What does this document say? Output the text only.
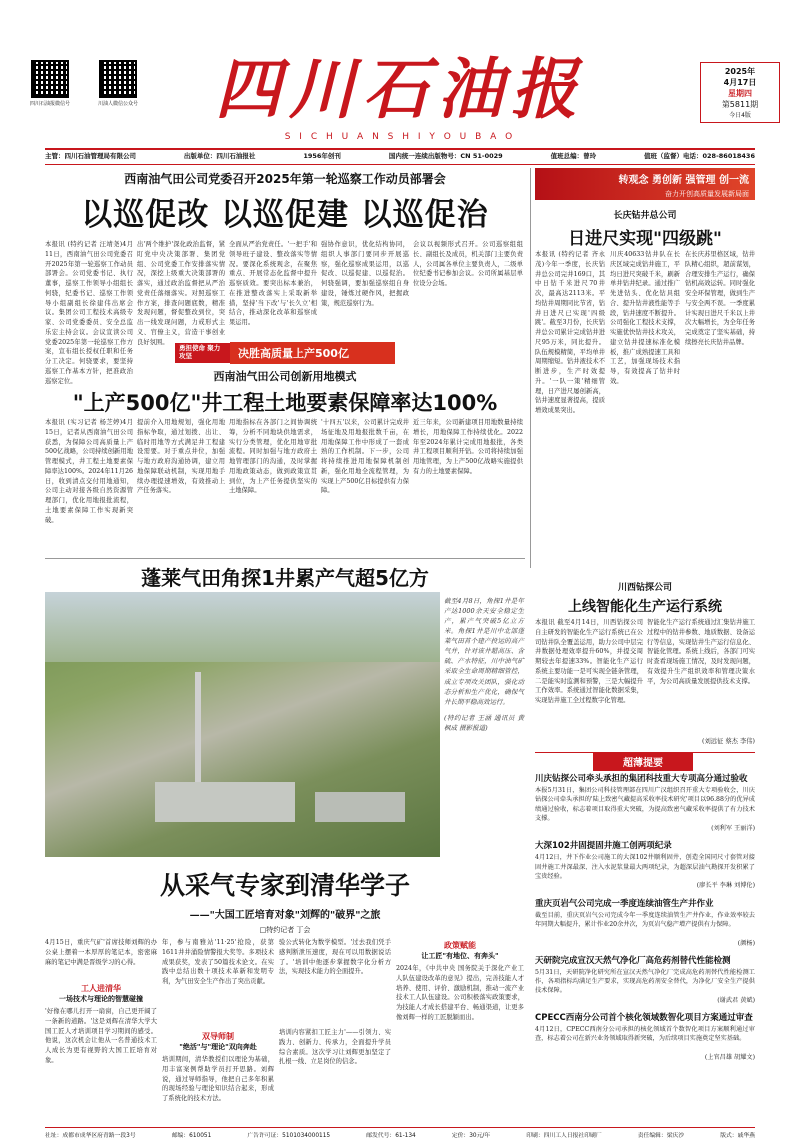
四川石油报微信号	川油人微信公众号 四川石油报
S I C H U A N S H I Y O U B A O
2025年
4月17日
星期四
第5811期
今日4版
主管：四川石油管理局有限公司	出版单位：四川石油报社	1956年创刊	国内统一连续出版物号：CN 51-0029	值班总编：曾玲	值班（监督）电话：028-86018436
西南油气田公司党委召开2025年第一轮巡察工作动员部署会
以巡促改 以巡促建 以巡促治
本报讯 (特约记者 汪靖尧)4月11日，西南油气田公司党委召开2025年第一轮巡察工作动员部署会。公司党委书记、执行董事，巡察工作领导小组组长何骁，纪委书记、巡察工作领导小组副组长徐建伟出席会议。集团公司工程技术高级专家、公司党委委员、安全总监乐宏主持会议。会议宣读公司党委2025年第一轮巡察工作方案，宣布组长授权任职和任务分工决定。何骁要求，要坚持巡察工作基本方针，把准政治巡察定位。
出'两个维护'深化政治监督，紧盯党中央决策部署、集团党组、公司党委工作安排落实情况，深挖上级重大决策部署的落实，通过政治监督把从严治党责任落细落实。对照巡察工作方案，排查问题底数，精准发现问题，督促整改到位，突出一线发现问题，力戒形式主义、官僚主义，营造干事创业良好氛围。
全面从严治党责任。'一把手'和领导班子建设、整改落实等情况。要深化系统观念，在聚焦重点、开展常态化监督中提升巡察质效。要突出标本兼治，在推进整改落实上采取新举措，坚持'当下改'与'长久立'相结合，推动深化改革和巡察成果运用。
强协作意识，优化结构协同，组织人事部门要同步开展巡察，强化巡察成果运用，以巡促改、以巡促建、以巡促治。何骁强调，要加强巡察组自身建设，锤炼过硬作风，把握政策，规范巡察行为。
会议以视频形式召开。公司巡察组组长、副组长及成员，机关部门主要负责人，公司属各单位主要负责人，二级单位纪委书记参加会议。公司所属基层单位设分会场。
转观念 勇创新 强管理 创一流
奋力开创高质量发展新局面
长庆钻井总公司
日进尺实现"四级跳"
本报讯 (特约记者 齐永茂)今年一季度，长庆钻井总公司完井169口，其中日钻千米进尺70井次，最高达2113米。平均钻井周期同比节省，钻井日进尺已实现'四级跳'。截至3月份，长庆钻井总公司累计完成钻井进尺95万米，同比提升。队伍规模精简，平均单井周期缩短。钻井液技术不断进步，生产时效提升。'一队一策'精细管理，日产进尺屡创新高，钻井速度显著提高，提质增效成果突出。
川庆40633钻井队在长庆区域完成钻井施工，平均日进尺突破千米，刷新单井钻井纪录。通过推广先进钻头、优化钻具组合、提升钻井液性能等手段，钻井速度不断提升。公司强化工程技术支撑，实施优快钻井技术攻关，建立钻井提速标准化模板，推广成熟提速工具和工艺，加强现场技术指导，有效提高了钻井时效。
在长庆苏里格区域，钻井队精心组织，超前谋划，合理安排生产运行，确保钻机高效运转。同时强化安全环保管理，做到生产与安全两不误。一季度累计实现日进尺千米以上井次大幅增长，为全年任务完成奠定了坚实基础，持续擦亮长庆钻井品牌。
勇担使命 聚力攻坚	决胜高质量上产500亿
西南油气田公司创新用地模式
"上产500亿"井工程土地要素保障率达100%
本报讯 (实习记者 杨芝婷)4月15日，记者从西南油气田公司获悉，为保障公司高质量上产500亿战略，公司持续创新用地管理模式，井工程土地要素保障率达100%。2024年11月26日，收到清点交付用地通知，公司主动对接各级自然资源管理部门，优化用地报批流程，土地要素保障工作实现新突破。
提前介入用地规划，强化用地指标争取，通过划拨、出让、临时用地等方式满足井工程建设需要。对于重点井位，加强与地方政府沟通协调，建立用地保障联动机制，实现用地手续办理提速增效，有效推动上产任务落实。
用地指标在各部门之间协调统筹，分析不同地块供地需求，实行分类管理，优化用地审批流程。同时加强与地方政府土地管理部门的沟通，及时掌握用地政策动态，做到政策宣贯到位，为上产任务提供坚实的土地保障。
'十四五'以来，公司累计完成井场征地及用地报批数千亩，在用地保障工作中形成了一套成熟的工作机制。下一步，公司将持续推进用地保障机制创新，强化用地全流程管理，为实现上产500亿目标提供有力保障。
近三年来，公司新建项目用地数量持续增长，用地保障工作持续优化。2022年至2024年累计完成用地报批，各类井工程项目顺利开钻。公司将持续加强用地管理，为上产500亿战略实施提供有力的土地要素保障。
蓬莱气田角探1井累产气超5亿方
截至4月8日，角探1井是年产达1000余天安全稳定生产，累产气突破5亿立方米。角探1井是川中北部蓬莱气田首个建产投运的高产气井，针对该井超高压、含硫、产水特征，川中油气矿采取全生命周期精细管控，成立专项攻关团队，强化动态分析和生产优化，确保气井长期平稳高效运行。
(特约记者 王涵 通讯员 黄枫成 摄影报道)
川西钻探公司
上线智能化生产运行系统
本报讯 截至4月14日，川西钻探公司自主研发的智能化生产运行系统已在公司钻井队全覆盖运用，助力公司中层完井数据处理效率提升60%，并提交周期较去年提速33%。智能化生产运行系统主要功能一是可实现全链条管理，二是能实时监测和预警，三是大幅提升工作效率。系统通过智能化数据采集，实现钻井施工全过程数字化管理。
智能化生产运行系统通过汇集钻井施工过程中的钻井参数、地质数据、设备运行等信息，实现钻井生产运行信息化、智能化管理。系统上线后，各部门可实时查看现场施工情况，及时发现问题，有效提升生产组织效率和管理决策水平，为公司高质量发展提供技术支撑。
(刘远征 蔡杰 李伟)
超薄提要
川庆钻探公司牵头承担的集团科技重大专项高分通过验收
本报5月31日，集团公司科技管理部在四川广汉组织召开重大专项验收会，川庆钻探公司牵头承担的'陆上致密气藏提高采收率技术研究'项目以96.88分的优异成绩通过验收，标志着项目取得重大突破，为提高致密气藏采收率提供了有力技术支撑。
(刘利军 王丽洋)
大深102井固提固井施工创两项纪录
4月12日，井下作业公司施工的大深102井顺利固井，创造全国同尺寸套管对接固井施工井深最深、注入水泥浆量最大两项纪录，为超深层油气勘探开发积累了宝贵经验。
(廖长平 李琳 刘博伦)
重庆页岩气公司完成一季度连续油管生产井作业
截至目前，重庆页岩气公司完成今年一季度连续油管生产井作业，作业效率较去年同期大幅提升，累计作业20余井次，为页岩气稳产增产提供有力保障。
(颜杨)
天研院完成宣汉天然气净化厂高危药剂替代性能检测
5月31日，天研院净化研究所在宣汉天然气净化厂完成高危药剂替代性能检测工作，各项指标均满足生产要求，实现高危药剂安全替代，为净化厂安全生产提供技术保障。
(谢武君 黄斌)
CPECC西南分公司首个核化领域数智化项目方案通过审查
4月12日，CPECC西南分公司承担的核化领域首个数智化项目方案顺利通过审查，标志着公司在新兴业务领域取得新突破，为后续项目实施奠定坚实基础。
(上官昌雄 胡耀文)
从采气专家到清华学子
——"大国工匠培育对象"刘辉的"破界"之旅
□特约记者 丁会
4月15日，重庆气矿'首席技师刘辉的办公桌上摆着一本厚厚的笔记本，密密麻麻的笔记中满是晋级学习的心得。
工人进清华
一场技术与理论的智慧碰撞
'好像在哪儿打开一扇窗，自己更开阔了一条新的道路。'这是刘辉在清华大学大国工匠人才培训项目学习期间的感受。他说，这次机会让他从一名普通技术工人成长为更有视野的大国工匠培育对象。
年，参与南雅站'11·25'抢险，获第1611井井涌险情警报大奖等。多项技术成果获奖，发表了50篇技术论文。在实践中总结出数十项技术革新和发明专利，为气田安全生产作出了突出贡献。
双导师制
"绝活"与"理论"双向奔赴
培训期间，清华教授们以理论为基础，用丰富案例帮助学员打开思路。刘辉说，通过导师指导，他把自己多年积累的现场经验与理论知识结合起来，形成了系统化的技术方法。
验公式转化为数学模型。'过去我们凭手感判断泄压速度，现在可以用数据说话了。'培训中他逐步掌握数字化分析方法，实现技术能力的全面提升。
培训内容紧扣工匠主力'——引领力、实践力、创新力、传承力，全面提升学员综合素质。这次学习让刘辉更加坚定了扎根一线、立足岗位的信念。
政策赋能
让工匠"有地位、有奔头"
2024年，《中共中央 国务院关于深化产业工人队伍建设改革的意见》提出，完善技能人才培养、使用、评价、激励机制，推动一流产业技术工人队伍建设。公司积极落实政策要求，为技能人才成长搭建平台、畅通渠道，让更多像刘辉一样的工匠脱颖而出。
社址：成都市成华区府青路一段3号	邮编：610051	广告许可证：5101034000115	邮发代号：61-134	定价：30元/年	印刷：四川工人日报社印刷厂	责任编辑：梁庆沙	版式：戚华燕
